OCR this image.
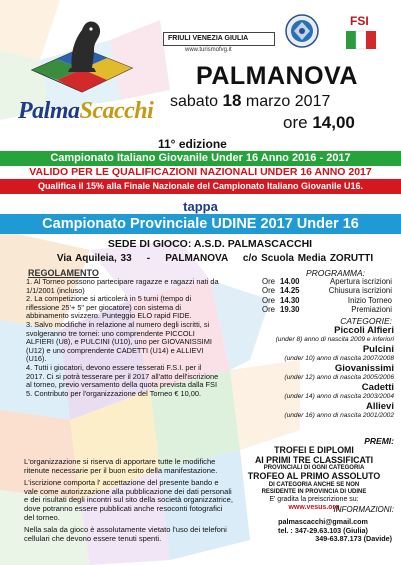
PalmaScacchi
FRIULI VENEZIA GIULIA
www.turismofvg.it
FSI
PALMANOVA
sabato 18 marzo 2017
ore 14,00
11° edizione
Campionato Italiano Giovanile Under 16 Anno 2016 - 2017
VALIDO PER LE QUALIFICAZIONI NAZIONALI UNDER 16 ANNO 2017
Qualifica il 15% alla Finale Nazionale del Campionato Italiano Giovanile U16.
tappa
Campionato Provinciale UDINE 2017 Under 16
SEDE DI GIOCO: A.S.D. PALMASCACCHI
Via Aquileia, 33    -    PALMANOVA    c/o Scuola Media ZORUTTI
REGOLAMENTO
1. Al Torneo possono partecipare ragazze e ragazzi nati da 1/1/2001 (incluso)
2. La competizione si articolerà in 5 turni (tempo di riflessione 25'+ 5" per giocatore) con sistema di abbinamento svizzero. Punteggio ELO rapid FIDE.
3. Salvo modifiche in relazione al numero degli iscritti, si svolgeranno tre tornei: uno comprendente PICCOLI ALFIERI (U8), e PULCINI (U10), uno per GIOVANISSIMI (U12) e uno comprendente CADETTI (U14) e ALLIEVI (U16).
4. Tutti i giocatori, devono essere tesserati F.S.I. per il 2017. Ci si potrà tesserare per il 2017 all'atto dell'iscrizione al torneo, previo versamento della quota prevista dalla FSI
5. Contributo per l'organizzazione del Torneo € 10,00.
PROGRAMMA:
Ore 14.00	Apertura iscrizioni
Ore 14.25	Chiusura iscrizioni
Ore 14.30	Inizio Torneo
Ore 19.30	Premiazioni
CATEGORIE:
Piccoli Alfieri
(under 8) anno di nascita 2009 e inferiori
Pulcini
(under 10) anno di nascita 2007/2008
Giovanissimi
(under 12) anno di nascita 2005/2006
Cadetti
(under 14) anno di nascita 2003/2004
Allievi
(under 16) anno di nascita 2001/2002
PREMI:
TROFEI E DIPLOMI
AI PRIMI TRE CLASSIFICATI
PROVINCIALI DI OGNI CATEGORIA
TROFEO AL PRIMO ASSOLUTO
DI CATEGORIA ANCHE SE NON
RESIDENTE IN PROVINCIA DI UDINE
E' gradita la preiscrizione su:
www.vesus.org

L'organizzazione si riserva di apportare tutte le modifiche ritenute necessarie per il buon esito della manifestazione.

L'iscrizione comporta l' accettazione del presente bando e vale come autorizzazione alla pubblicazione dei dati personali e dei risultati degli incontri sul sito della società organizzatrice, dove potranno essere pubblicati anche resoconti fotografici del torneo.

Nella sala da gioco è assolutamente vietato l'uso dei telefoni cellulari che devono essere tenuti spenti.

INFORMAZIONI:
palmascacchi@gmail.com
tel. : 347-29.63.103 (Giulia)
349-63.87.173 (Davide)
